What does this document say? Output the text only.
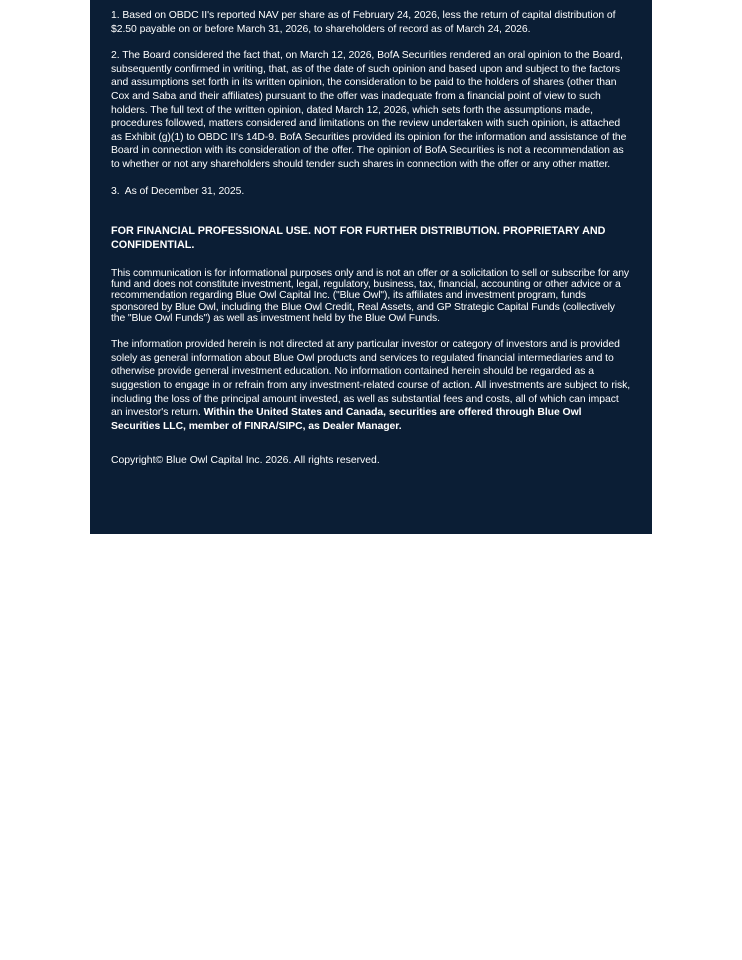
1. Based on OBDC II's reported NAV per share as of February 24, 2026, less the return of capital distribution of $2.50 payable on or before March 31, 2026, to shareholders of record as of March 24, 2026.

2. The Board considered the fact that, on March 12, 2026, BofA Securities rendered an oral opinion to the Board, subsequently confirmed in writing, that, as of the date of such opinion and based upon and subject to the factors and assumptions set forth in its written opinion, the consideration to be paid to the holders of shares (other than Cox and Saba and their affiliates) pursuant to the offer was inadequate from a financial point of view to such holders. The full text of the written opinion, dated March 12, 2026, which sets forth the assumptions made, procedures followed, matters considered and limitations on the review undertaken with such opinion, is attached as Exhibit (g)(1) to OBDC II's 14D-9. BofA Securities provided its opinion for the information and assistance of the Board in connection with its consideration of the offer. The opinion of BofA Securities is not a recommendation as to whether or not any shareholders should tender such shares in connection with the offer or any other matter.

3. As of December 31, 2025.

FOR FINANCIAL PROFESSIONAL USE. NOT FOR FURTHER DISTRIBUTION. PROPRIETARY AND CONFIDENTIAL.

This communication is for informational purposes only and is not an offer or a solicitation to sell or subscribe for any fund and does not constitute investment, legal, regulatory, business, tax, financial, accounting or other advice or a recommendation regarding Blue Owl Capital Inc. ("Blue Owl"), its affiliates and investment program, funds sponsored by Blue Owl, including the Blue Owl Credit, Real Assets, and GP Strategic Capital Funds (collectively the "Blue Owl Funds") as well as investment held by the Blue Owl Funds.

The information provided herein is not directed at any particular investor or category of investors and is provided solely as general information about Blue Owl products and services to regulated financial intermediaries and to otherwise provide general investment education. No information contained herein should be regarded as a suggestion to engage in or refrain from any investment-related course of action. All investments are subject to risk, including the loss of the principal amount invested, as well as substantial fees and costs, all of which can impact an investor's return. Within the United States and Canada, securities are offered through Blue Owl Securities LLC, member of FINRA/SIPC, as Dealer Manager.

Copyright© Blue Owl Capital Inc. 2026. All rights reserved.
